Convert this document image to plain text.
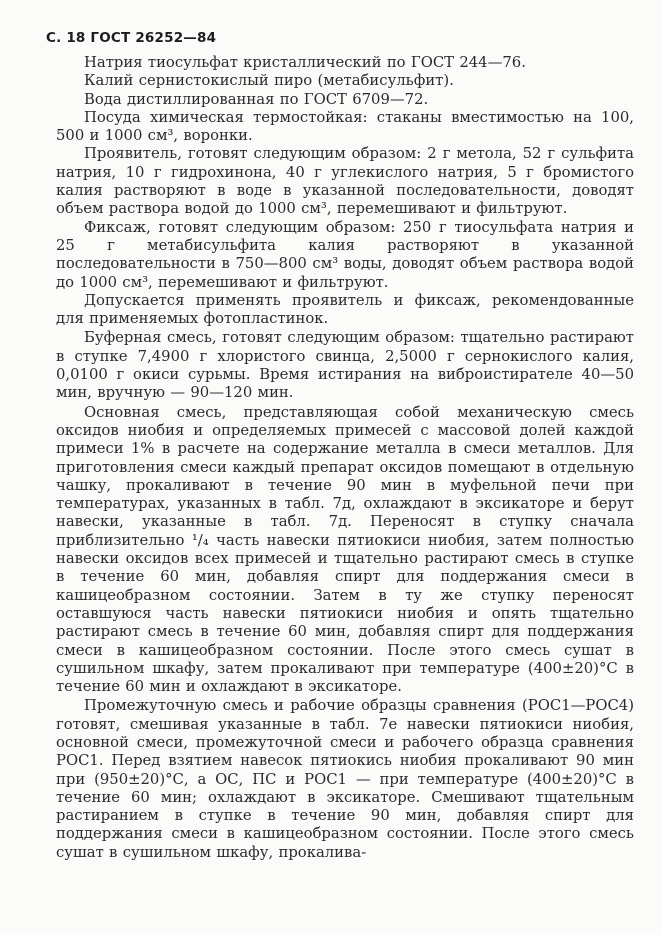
С. 18 ГОСТ 26252—84

Натрия тиосульфат кристаллический по ГОСТ 244—76.

Калий сернистокислый пиро (метабисульфит).

Вода дистиллированная по ГОСТ 6709—72.

Посуда химическая термостойкая: стаканы вместимостью на 100, 500 и 1000 см³, воронки.

Проявитель, готовят следующим образом: 2 г метола, 52 г сульфита натрия, 10 г гидрохинона, 40 г углекислого натрия, 5 г бромистого калия растворяют в воде в указанной последовательности, доводят объем раствора водой до 1000 см³, перемешивают и фильтруют.

Фиксаж, готовят следующим образом: 250 г тиосульфата натрия и 25 г метабисульфита калия растворяют в указанной последовательности в 750—800 см³ воды, доводят объем раствора водой до 1000 см³, перемешивают и фильтруют.

Допускается применять проявитель и фиксаж, рекомендованные для применяемых фотопластинок.

Буферная смесь, готовят следующим образом: тщательно растирают в ступке 7,4900 г хлористого свинца, 2,5000 г сернокислого калия, 0,0100 г окиси сурьмы. Время истирания на виброистирателе 40—50 мин, вручную — 90—120 мин.

Основная смесь, представляющая собой механическую смесь оксидов ниобия и определяемых примесей с массовой долей каждой примеси 1% в расчете на содержание металла в смеси металлов. Для приготовления смеси каждый препарат оксидов помещают в отдельную чашку, прокаливают в течение 90 мин в муфельной печи при температурах, указанных в табл. 7д, охлаждают в эксикаторе и берут навески, указанные в табл. 7д. Переносят в ступку сначала приблизительно ¹/₄ часть навески пятиокиси ниобия, затем полностью навески оксидов всех примесей и тщательно растирают смесь в ступке в течение 60 мин, добавляя спирт для поддержания смеси в кашицеобразном состоянии. Затем в ту же ступку переносят оставшуюся часть навески пятиокиси ниобия и опять тщательно растирают смесь в течение 60 мин, добавляя спирт для поддержания смеси в кашицеобразном состоянии. После этого смесь сушат в сушильном шкафу, затем прокаливают при температуре (400±20)°С в течение 60 мин и охлаждают в эксикаторе.

Промежуточную смесь и рабочие образцы сравнения (РОС1—РОС4) готовят, смешивая указанные в табл. 7е навески пятиокиси ниобия, основной смеси, промежуточной смеси и рабочего образца сравнения РОС1. Перед взятием навесок пятиокись ниобия прокаливают 90 мин при (950±20)°С, а ОС, ПС и РОС1 — при температуре (400±20)°С в течение 60 мин; охлаждают в эксикаторе. Смешивают тщательным растиранием в ступке в течение 90 мин, добавляя спирт для поддержания смеси в кашицеобразном состоянии. После этого смесь сушат в сушильном шкафу, прокалива-
